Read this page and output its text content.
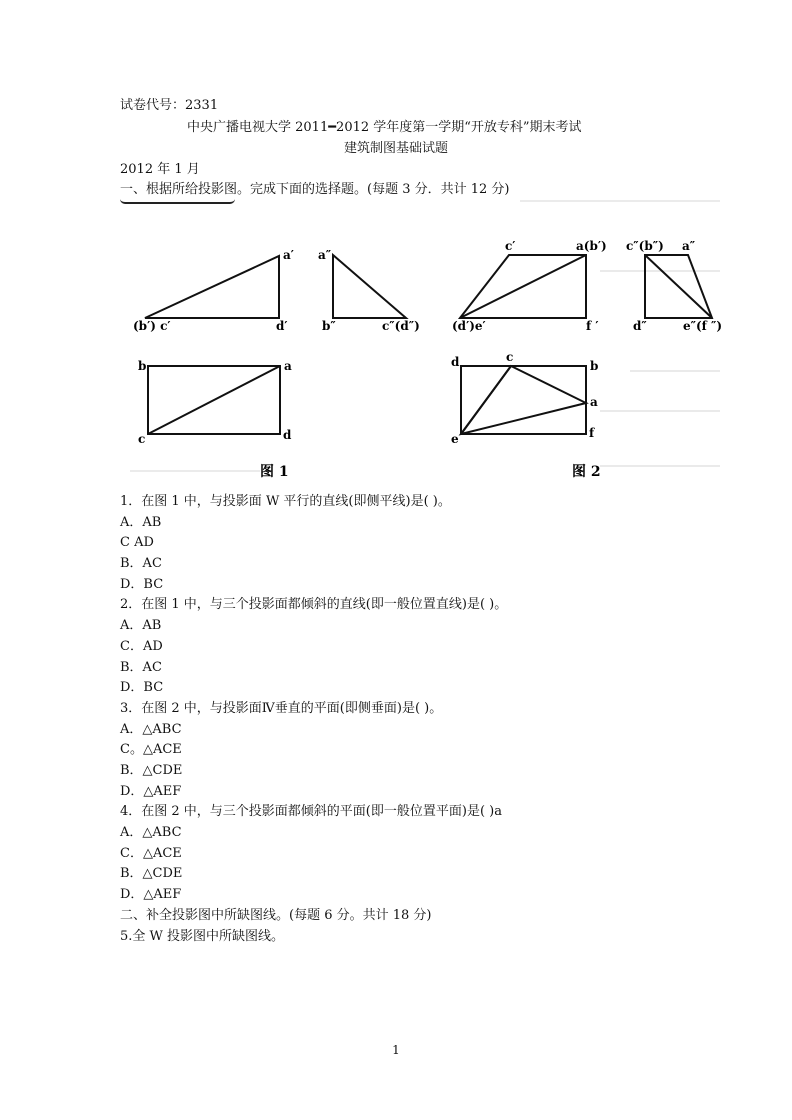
试卷代号：2331
中央广播电视大学 2011━2012 学年度第一学期“开放专科”期末考试
建筑制图基础试题
2012 年 1 月
一、根据所给投影图。完成下面的选择题。(每题 3 分．共计 12 分)
a′
(b′) c′	d′
a″
b″	c″(d″)
b	a
c	d
图 1
c′	a(b′)
(d′)e′	f ′
c″(b″) a″
d″	e″(f ″)
d	c
b
a
e	f
图 2
1．在图 1 中，与投影面 W 平行的直线(即侧平线)是( )。
A．AB
C AD
B．AC
D．BC
2．在图 1 中，与三个投影面都倾斜的直线(即一般位置直线)是( )。
A．AB
C．AD
B．AC
D．BC
3．在图 2 中，与投影面Ⅳ垂直的平面(即侧垂面)是( )。
A．△ABC
C。△ACE
B．△CDE
D．△AEF
4．在图 2 中，与三个投影面都倾斜的平面(即一般位置平面)是( )a
A．△ABC
C．△ACE
B．△CDE
D．△AEF
二、补全投影图中所缺图线。(每题 6 分。共计 18 分)
5.全 W 投影图中所缺图线。
1
